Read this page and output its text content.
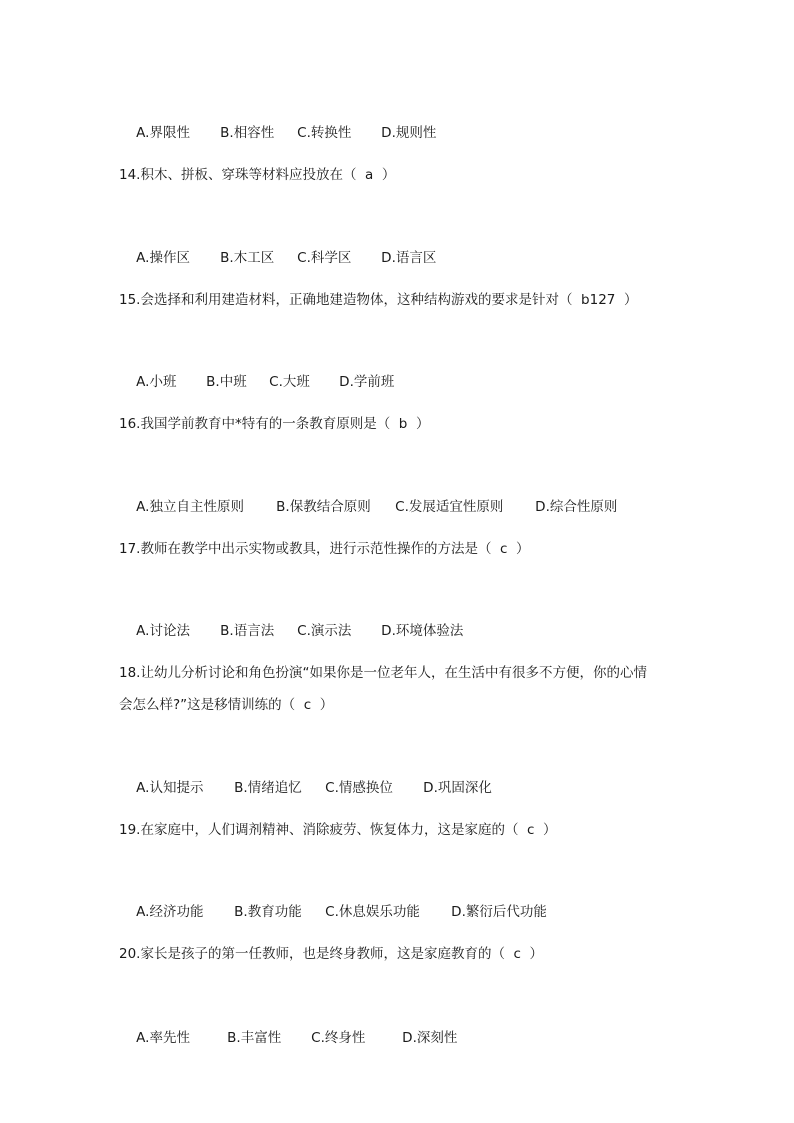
A.界限性 B.相容性 C.转换性 D.规则性

14.积木、拼板、穿珠等材料应投放在（  a  ）

A.操作区 B.木工区 C.科学区 D.语言区

15.会选择和利用建造材料，正确地建造物体，这种结构游戏的要求是针对（  b127  ）

A.小班 B.中班 C.大班 D.学前班

16.我国学前教育中*特有的一条教育原则是（  b  ）

A.独立自主性原则 B.保教结合原则 C.发展适宜性原则 D.综合性原则

17.教师在教学中出示实物或教具，进行示范性操作的方法是（  c  ）

A.讨论法 B.语言法 C.演示法 D.环境体验法

18.让幼儿分析讨论和角色扮演“如果你是一位老年人，在生活中有很多不方便，你的心情
会怎么样?”这是移情训练的（  c  ）

A.认知提示 B.情绪追忆 C.情感换位 D.巩固深化

19.在家庭中，人们调剂精神、消除疲劳、恢复体力，这是家庭的（  c  ）

A.经济功能 B.教育功能 C.休息娱乐功能 D.繁衍后代功能

20.家长是孩子的第一任教师，也是终身教师，这是家庭教育的（  c  ）

A.率先性	B.丰富性 C.终身性	D.深刻性
